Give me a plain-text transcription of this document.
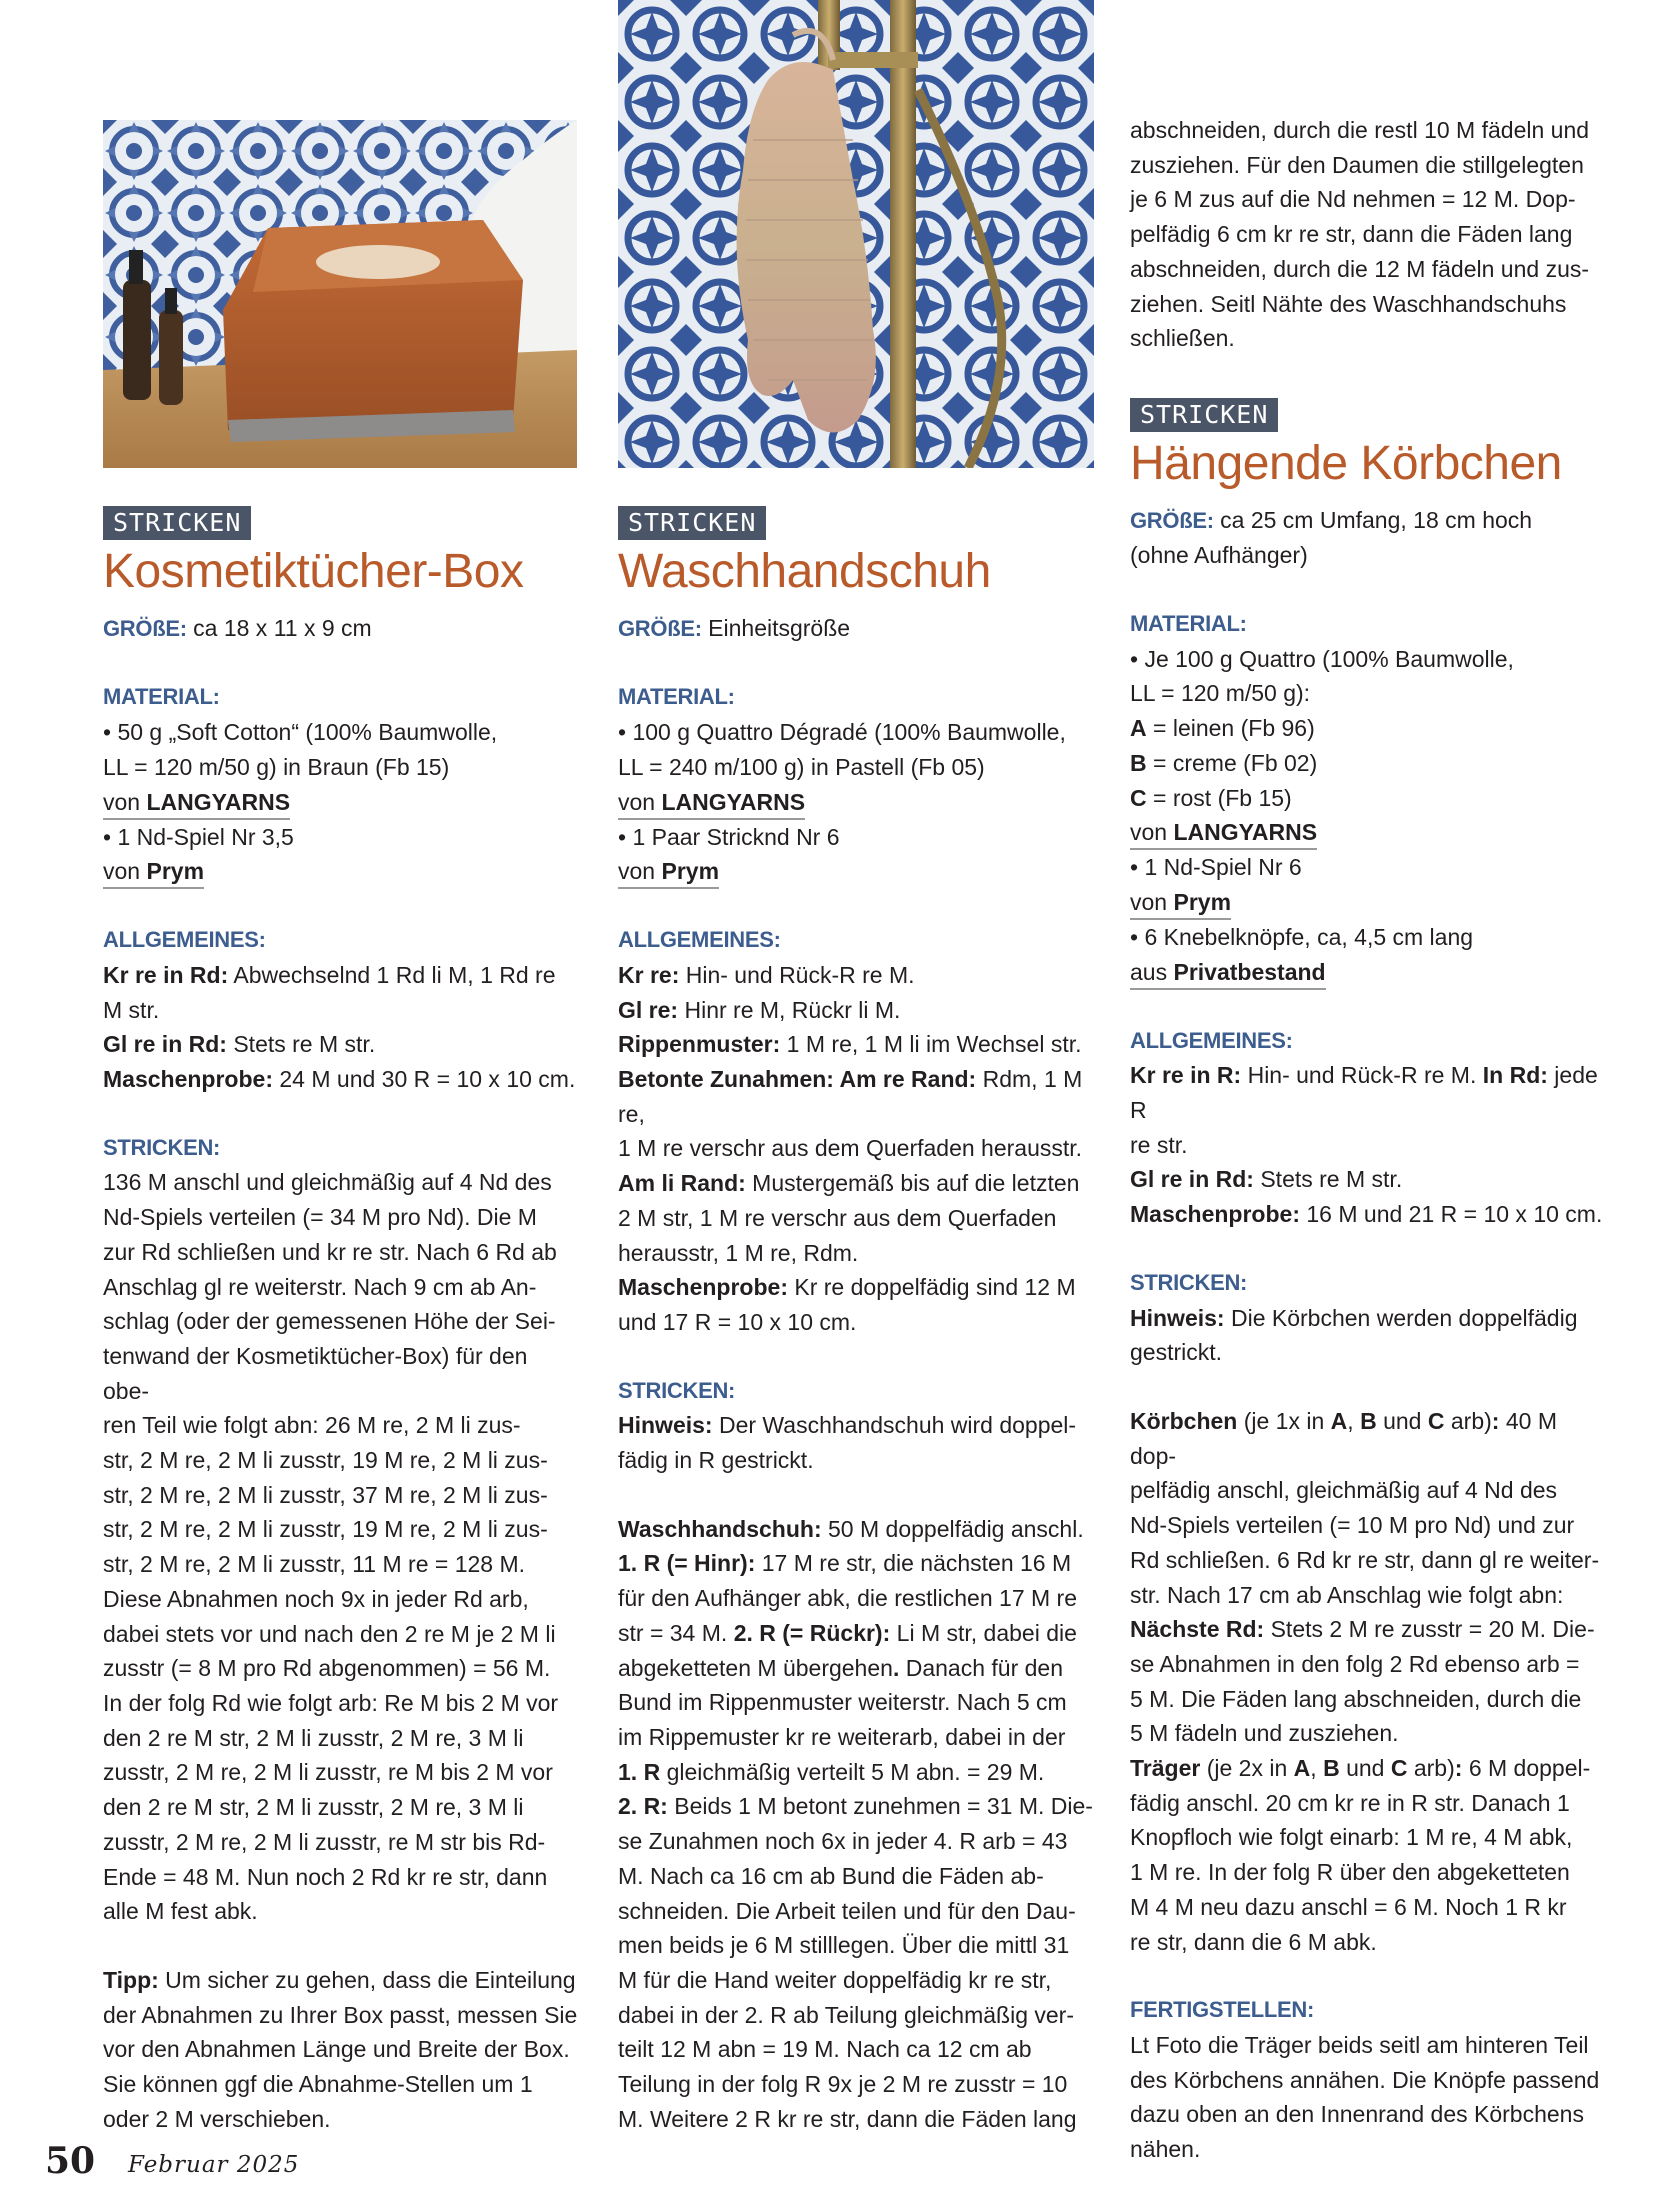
STRICKEN
Kosmetiktücher-Box

GRÖßE: ca 18 x 11 x 9 cm

MATERIAL:

• 50 g „Soft Cotton“ (100% Baumwolle,

LL = 120 m/50 g) in Braun (Fb 15)

von LANGYARNS

• 1 Nd-Spiel Nr 3,5

von Prym

ALLGEMEINES:

Kr re in Rd: Abwechselnd 1 Rd li M, 1 Rd re M str.

Gl re in Rd: Stets re M str.

Maschenprobe: 24 M und 30 R = 10 x 10 cm.

STRICKEN:

136 M anschl und gleichmäßig auf 4 Nd des

Nd-Spiels verteilen (= 34 M pro Nd). Die M

zur Rd schließen und kr re str. Nach 6 Rd ab

Anschlag gl re weiterstr. Nach 9 cm ab An-

schlag (oder der gemessenen Höhe der Sei-

tenwand der Kosmetiktücher-Box) für den obe-

ren Teil wie folgt abn: 26 M re, 2 M li zus-

str, 2 M re, 2 M li zusstr, 19 M re, 2 M li zus-

str, 2 M re, 2 M li zusstr, 37 M re, 2 M li zus-

str, 2 M re, 2 M li zusstr, 19 M re, 2 M li zus-

str, 2 M re, 2 M li zusstr, 11 M re = 128 M.

Diese Abnahmen noch 9x in jeder Rd arb,

dabei stets vor und nach den 2 re M je 2 M li

zusstr (= 8 M pro Rd abgenommen) = 56 M.

In der folg Rd wie folgt arb: Re M bis 2 M vor

den 2 re M str, 2 M li zusstr, 2 M re, 3 M li

zusstr, 2 M re, 2 M li zusstr, re M bis 2 M vor

den 2 re M str, 2 M li zusstr, 2 M re, 3 M li

zusstr, 2 M re, 2 M li zusstr, re M str bis Rd-

Ende = 48 M. Nun noch 2 Rd kr re str, dann

alle M fest abk.

Tipp: Um sicher zu gehen, dass die Einteilung

der Abnahmen zu Ihrer Box passt, messen Sie

vor den Abnahmen Länge und Breite der Box.

Sie können ggf die Abnahme-Stellen um 1

oder 2 M verschieben.

STRICKEN
Waschhandschuh

GRÖßE: Einheitsgröße

MATERIAL:

• 100 g Quattro Dégradé (100% Baumwolle,

LL = 240 m/100 g) in Pastell (Fb 05)

von LANGYARNS

• 1 Paar Stricknd Nr 6

von Prym

ALLGEMEINES:

Kr re: Hin- und Rück-R re M.

Gl re: Hinr re M, Rückr li M.

Rippenmuster: 1 M re, 1 M li im Wechsel str.

Betonte Zunahmen: Am re Rand: Rdm, 1 M re,

1 M re verschr aus dem Querfaden herausstr.

Am li Rand: Mustergemäß bis auf die letzten

2 M str, 1 M re verschr aus dem Querfaden

herausstr, 1 M re, Rdm.

Maschenprobe: Kr re doppelfädig sind 12 M

und 17 R = 10 x 10 cm.

STRICKEN:

Hinweis: Der Waschhandschuh wird doppel-

fädig in R gestrickt.

Waschhandschuh: 50 M doppelfädig anschl.

1. R (= Hinr): 17 M re str, die nächsten 16 M

für den Aufhänger abk, die restlichen 17 M re

str = 34 M. 2. R (= Rückr): Li M str, dabei die

abgeketteten M übergehen. Danach für den

Bund im Rippenmuster weiterstr. Nach 5 cm

im Rippemuster kr re weiterarb, dabei in der

1. R gleichmäßig verteilt 5 M abn. = 29 M.

2. R: Beids 1 M betont zunehmen = 31 M. Die-

se Zunahmen noch 6x in jeder 4. R arb = 43

M. Nach ca 16 cm ab Bund die Fäden ab-

schneiden. Die Arbeit teilen und für den Dau-

men beids je 6 M stilllegen. Über die mittl 31

M für die Hand weiter doppelfädig kr re str,

dabei in der 2. R ab Teilung gleichmäßig ver-

teilt 12 M abn = 19 M. Nach ca 12 cm ab

Teilung in der folg R 9x je 2 M re zusstr = 10

M. Weitere 2 R kr re str, dann die Fäden lang

abschneiden, durch die restl 10 M fädeln und

zusziehen. Für den Daumen die stillgelegten

je 6 M zus auf die Nd nehmen = 12 M. Dop-

pelfädig 6 cm kr re str, dann die Fäden lang

abschneiden, durch die 12 M fädeln und zus-

ziehen. Seitl Nähte des Waschhandschuhs

schließen.

STRICKEN
Hängende Körbchen

GRÖßE: ca 25 cm Umfang, 18 cm hoch

(ohne Aufhänger)

MATERIAL:

• Je 100 g Quattro (100% Baumwolle,

LL = 120 m/50 g):

A = leinen (Fb 96)

B = creme (Fb 02)

C = rost (Fb 15)

von LANGYARNS

• 1 Nd-Spiel Nr 6

von Prym

• 6 Knebelknöpfe, ca, 4,5 cm lang

aus Privatbestand

ALLGEMEINES:

Kr re in R: Hin- und Rück-R re M. In Rd: jede R

re str.

Gl re in Rd: Stets re M str.

Maschenprobe: 16 M und 21 R = 10 x 10 cm.

STRICKEN:

Hinweis: Die Körbchen werden doppelfädig

gestrickt.

Körbchen (je 1x in A, B und C arb): 40 M dop-

pelfädig anschl, gleichmäßig auf 4 Nd des

Nd-Spiels verteilen (= 10 M pro Nd) und zur

Rd schließen. 6 Rd kr re str, dann gl re weiter-

str. Nach 17 cm ab Anschlag wie folgt abn:

Nächste Rd: Stets 2 M re zusstr = 20 M. Die-

se Abnahmen in den folg 2 Rd ebenso arb =

5 M. Die Fäden lang abschneiden, durch die

5 M fädeln und zusziehen.

Träger (je 2x in A, B und C arb): 6 M doppel-

fädig anschl. 20 cm kr re in R str. Danach 1

Knopfloch wie folgt einarb: 1 M re, 4 M abk,

1 M re. In der folg R über den abgeketteten

M 4 M neu dazu anschl = 6 M. Noch 1 R kr

re str, dann die 6 M abk.

FERTIGSTELLEN:

Lt Foto die Träger beids seitl am hinteren Teil

des Körbchens annähen. Die Knöpfe passend

dazu oben an den Innenrand des Körbchens

nähen.

50 Februar 2025
